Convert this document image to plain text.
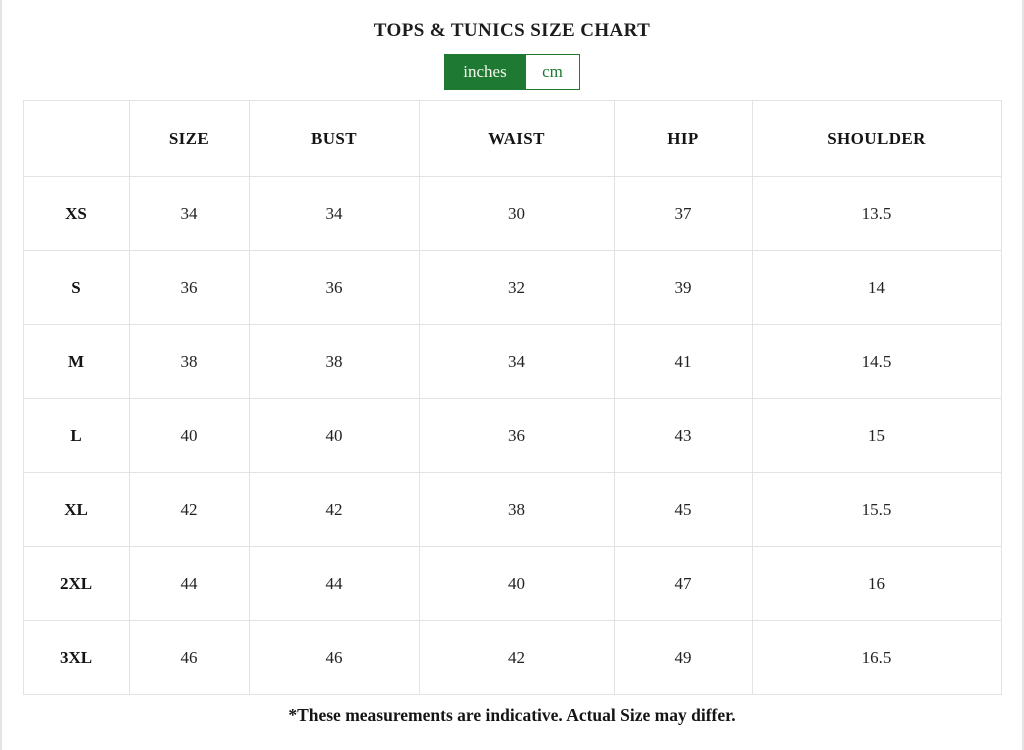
TOPS & TUNICS SIZE CHART
inches	cm
	SIZE	BUST	WAIST	HIP	SHOULDER
XS	34	34	30	37	13.5
S	36	36	32	39	14
M	38	38	34	41	14.5
L	40	40	36	43	15
XL	42	42	38	45	15.5
2XL	44	44	40	47	16
3XL	46	46	42	49	16.5

*These measurements are indicative. Actual Size may differ.
